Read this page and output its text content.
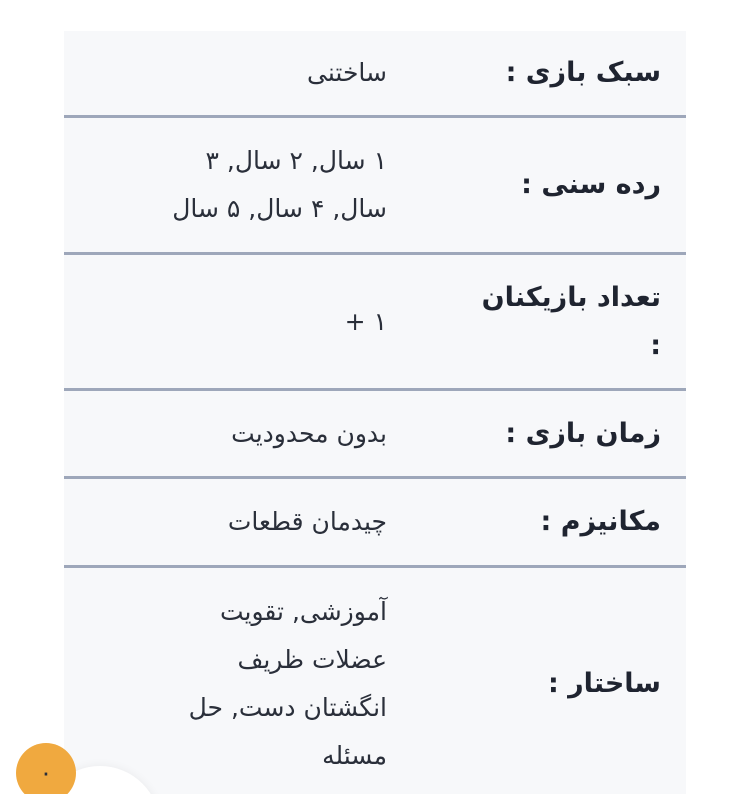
سبک بازی :
ساختنی
رده سنی :
۱ سال, ۲ سال, ۳
سال, ۴ سال, ۵ سال
تعداد بازیکنان
:
۱ +
زمان بازی :
بدون محدودیت
مکانیزم :
چیدمان قطعات
ساختار :
آموزشی, تقویت
عضلات ظریف
انگشتان دست, حل
مسئله
۰
